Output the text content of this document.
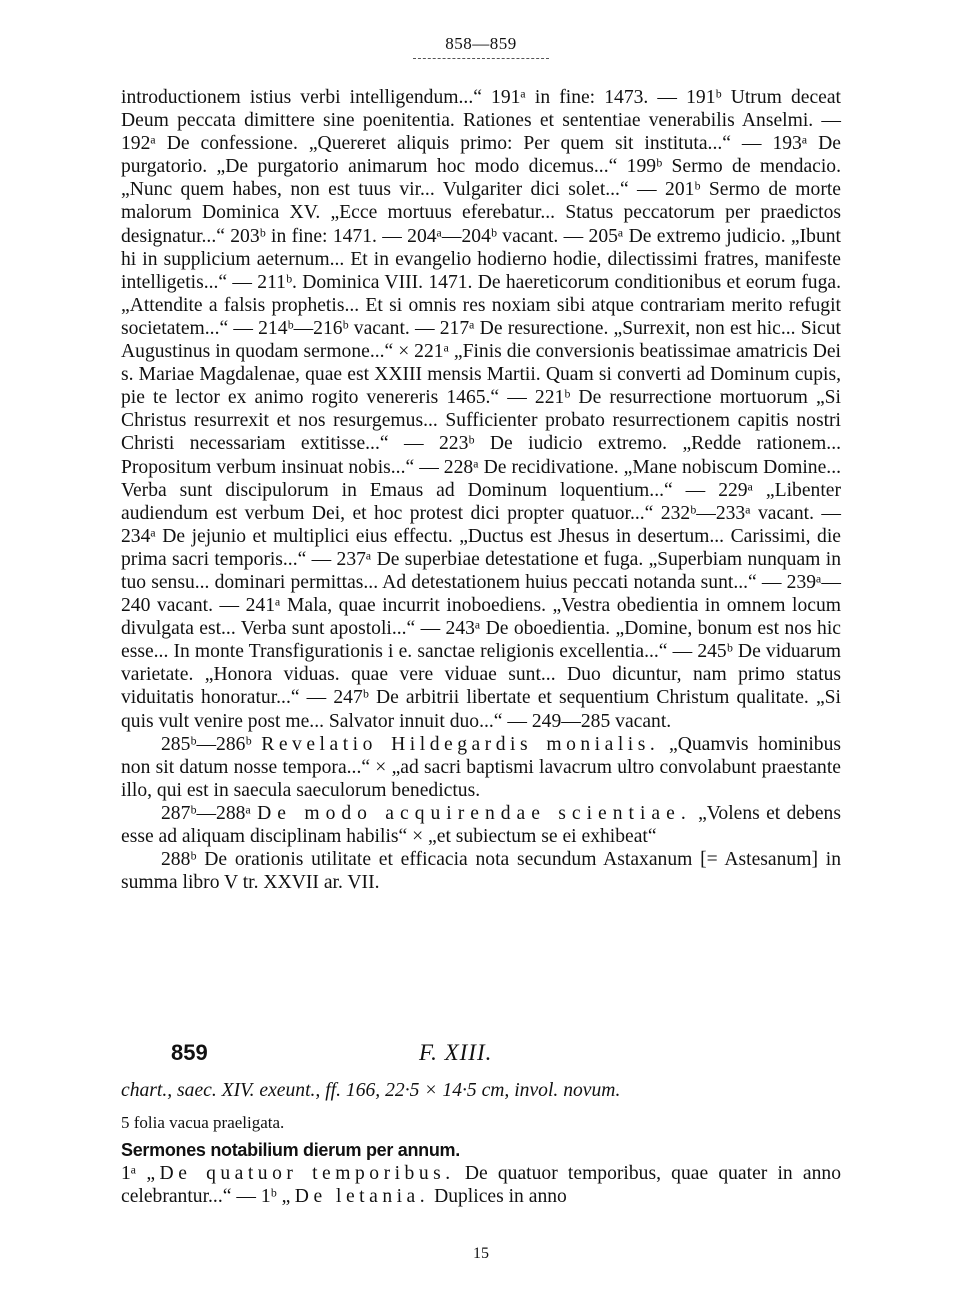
858—859

introductionem istius verbi intelligendum...“ 191ᵃ in fine: 1473. — 191ᵇ Utrum deceat Deum peccata dimittere sine poenitentia. Rationes et sententiae venerabilis Anselmi. — 192ᵃ De confessione. „Quereret aliquis primo: Per quem sit instituta...“ — 193ᵃ De purgatorio. „De purgatorio animarum hoc modo dicemus...“ 199ᵇ Sermo de mendacio. „Nunc quem habes, non est tuus vir... Vulgariter dici solet...“ — 201ᵇ Sermo de morte malorum Dominica XV. „Ecce mortuus eferebatur... Status peccatorum per praedictos designatur...“ 203ᵇ in fine: 1471. — 204ᵃ—204ᵇ vacant. — 205ᵃ De extremo judicio. „Ibunt hi in supplicium aeternum... Et in evangelio hodierno hodie, dilectissimi fratres, manifeste intelligetis...“ — 211ᵇ. Dominica VIII. 1471. De haereticorum conditionibus et eorum fuga. „Attendite a falsis prophetis... Et si omnis res noxiam sibi atque contrariam merito refugit societatem...“ — 214ᵇ—216ᵇ vacant. — 217ᵃ De resurectione. „Surrexit, non est hic... Sicut Augustinus in quodam sermone...“ × 221ᵃ „Finis die conversionis beatissimae amatricis Dei s. Mariae Magdalenae, quae est XXIII mensis Martii. Quam si converti ad Dominum cupis, pie te lector ex animo rogito venereris 1465.“ — 221ᵇ De resurrectione mortuorum „Si Christus resurrexit et nos resurgemus... Sufficienter probato resurrectionem capitis nostri Christi necessariam extitisse...“ — 223ᵇ De iudicio extremo. „Redde rationem... Propositum verbum insinuat nobis...“ — 228ᵃ De recidivatione. „Mane nobiscum Domine... Verba sunt discipulorum in Emaus ad Dominum loquentium...“ — 229ᵃ „Libenter audiendum est verbum Dei, et hoc protest dici propter quatuor...“ 232ᵇ—233ᵃ vacant. — 234ᵃ De jejunio et multiplici eius effectu. „Ductus est Jhesus in desertum... Carissimi, die prima sacri temporis...“ — 237ᵃ De superbiae detestatione et fuga. „Superbiam nunquam in tuo sensu... dominari permittas... Ad detestationem huius peccati notanda sunt...“ — 239ᵃ—240 vacant. — 241ᵃ Mala, quae incurrit inoboediens. „Vestra obedientia in omnem locum divulgata est... Verba sunt apostoli...“ — 243ᵃ De oboedientia. „Domine, bonum est nos hic esse... In monte Transfigurationis i e. sanctae religionis excellentia...“ — 245ᵇ De viduarum varietate. „Honora viduas. quae vere viduae sunt... Duo dicuntur, nam primo status viduitatis honoratur...“ — 247ᵇ De arbitrii libertate et sequentium Christum qualitate. „Si quis vult venire post me... Salvator innuit duo...“ — 249—285 vacant.

285ᵇ—286ᵇ Revelatio Hildegardis monialis. „Quamvis hominibus non sit datum nosse tempora...“ × „ad sacri baptismi lavacrum ultro convolabunt praestante illo, qui est in saecula saeculorum benedictus.

287ᵇ—288ᵃ De modo acquirendae scientiae. „Volens et debens esse ad aliquam disciplinam habilis“ × „et subiectum se ei exhibeat“

288ᵇ De orationis utilitate et efficacia nota secundum Astaxanum [= Astesanum] in summa libro V tr. XXVII ar. VII.

859	F. XIII.
chart., saec. XIV. exeunt., ff. 166, 22·5 × 14·5 cm, invol. novum.
5 folia vacua praeligata.
Sermones notabilium dierum per annum.

1ᵃ „De quatuor temporibus. De quatuor temporibus, quae quater in anno celebrantur...“ — 1ᵇ „De letania. Duplices in anno

15
